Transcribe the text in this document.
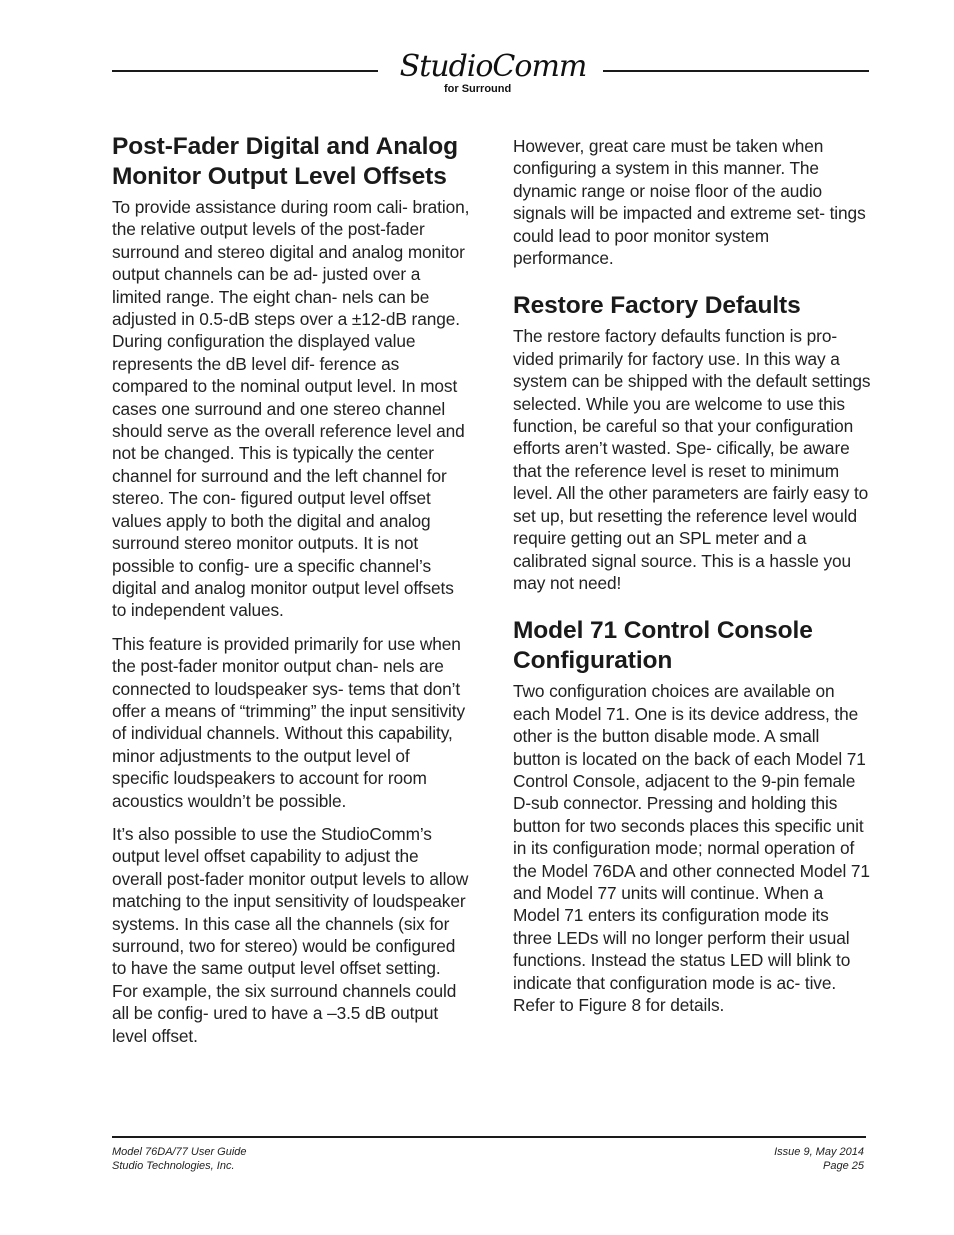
StudioComm
for Surround
Post-Fader Digital and Analog Monitor Output Level Offsets

To provide assistance during room cali- bration, the relative output levels of the post-fader surround and stereo digital and analog monitor output channels can be ad- justed over a limited range. The eight chan- nels can be adjusted in 0.5-dB steps over a ±12-dB range. During configuration the displayed value represents the dB level dif- ference as compared to the nominal output level. In most cases one surround and one stereo channel should serve as the overall reference level and not be changed. This is typically the center channel for surround and the left channel for stereo. The con- figured output level offset values apply to both the digital and analog surround stereo monitor outputs. It is not possible to config- ure a specific channel’s digital and analog monitor output level offsets to independent values.

This feature is provided primarily for use when the post-fader monitor output chan- nels are connected to loudspeaker sys- tems that don’t offer a means of “trimming” the input sensitivity of individual channels. Without this capability, minor adjustments to the output level of specific loudspeakers to account for room acoustics wouldn’t be possible.

It’s also possible to use the StudioComm’s output level offset capability to adjust the overall post-fader monitor output levels to allow matching to the input sensitivity of loudspeaker systems. In this case all the channels (six for surround, two for stereo) would be configured to have the same output level offset setting. For example, the six surround channels could all be config- ured to have a –3.5 dB output level offset.

However, great care must be taken when configuring a system in this manner. The dynamic range or noise floor of the audio signals will be impacted and extreme set- tings could lead to poor monitor system performance.

Restore Factory Defaults

The restore factory defaults function is pro- vided primarily for factory use. In this way a system can be shipped with the default settings selected. While you are welcome to use this function, be careful so that your configuration efforts aren’t wasted. Spe- cifically, be aware that the reference level is reset to minimum level. All the other parameters are fairly easy to set up, but resetting the reference level would require getting out an SPL meter and a calibrated signal source. This is a hassle you may not need!

Model 71 Control Console Configuration

Two configuration choices are available on each Model 71. One is its device address, the other is the button disable mode. A small button is located on the back of each Model 71 Control Console, adjacent to the 9-pin female D-sub connector. Pressing and holding this button for two seconds places this specific unit in its configuration mode; normal operation of the Model 76DA and other connected Model 71 and Model 77 units will continue. When a Model 71 enters its configuration mode its three LEDs will no longer perform their usual functions. Instead the status LED will blink to indicate that configuration mode is ac- tive. Refer to Figure 8 for details.

Model 76DA/77 User Guide
Studio Technologies, Inc.
Issue 9, May 2014
Page 25
